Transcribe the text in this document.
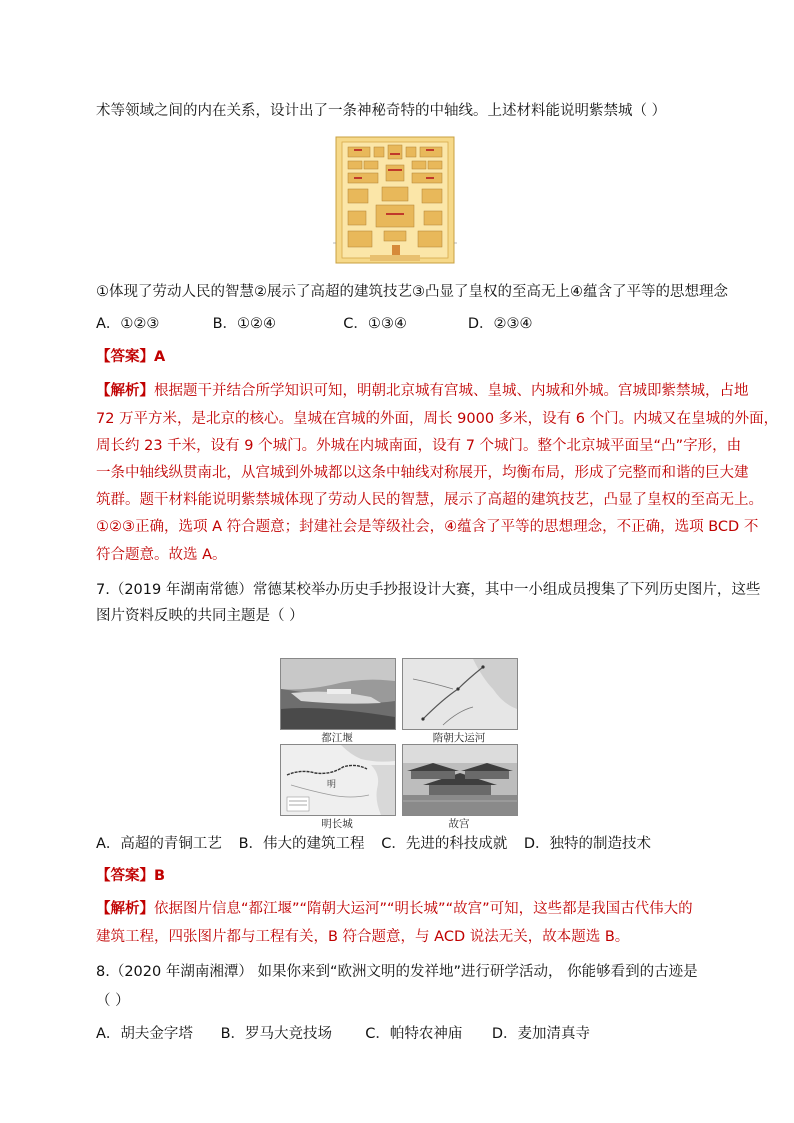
术等领域之间的内在关系，设计出了一条神秘奇特的中轴线。上述材料能说明紫禁城（ ）
①体现了劳动人民的智慧②展示了高超的建筑技艺③凸显了皇权的至高无上④蕴含了平等的思想理念
A．①②③	B．①②④	C．①③④	D．②③④
【答案】A
【解析】根据题干并结合所学知识可知，明朝北京城有宫城、皇城、内城和外城。宫城即紫禁城，占地
72 万平方米，是北京的核心。皇城在宫城的外面，周长 9000 多米，设有 6 个门。内城又在皇城的外面，
周长约 23 千米，设有 9 个城门。外城在内城南面，设有 7 个城门。整个北京城平面呈“凸”字形，由
一条中轴线纵贯南北，从宫城到外城都以这条中轴线对称展开，均衡布局，形成了完整而和谐的巨大建
筑群。题干材料能说明紫禁城体现了劳动人民的智慧，展示了高超的建筑技艺，凸显了皇权的至高无上。
①②③正确，选项 A 符合题意；封建社会是等级社会，④蕴含了平等的思想理念，不正确，选项 BCD 不
符合题意。故选 A。
7.（2019 年湖南常德）常德某校举办历史手抄报设计大赛，其中一小组成员搜集了下列历史图片，这些
图片资料反映的共同主题是（ ）
都江堰	隋朝大运河
明
明长城	故宫
A．高超的青铜工艺 B．伟大的建筑工程 C．先进的科技成就 D．独特的制造技术
【答案】B
【解析】依据图片信息“都江堰”“隋朝大运河”“明长城”“故宫”可知，这些都是我国古代伟大的
建筑工程，四张图片都与工程有关，B 符合题意，与 ACD 说法无关，故本题选 B。
8.（2020 年湖南湘潭） 如果你来到“欧洲文明的发祥地”进行研学活动， 你能够看到的古迹是
（ ）
A．胡夫金字塔 B．罗马大竞技场 C．帕特农神庙 D．麦加清真寺
